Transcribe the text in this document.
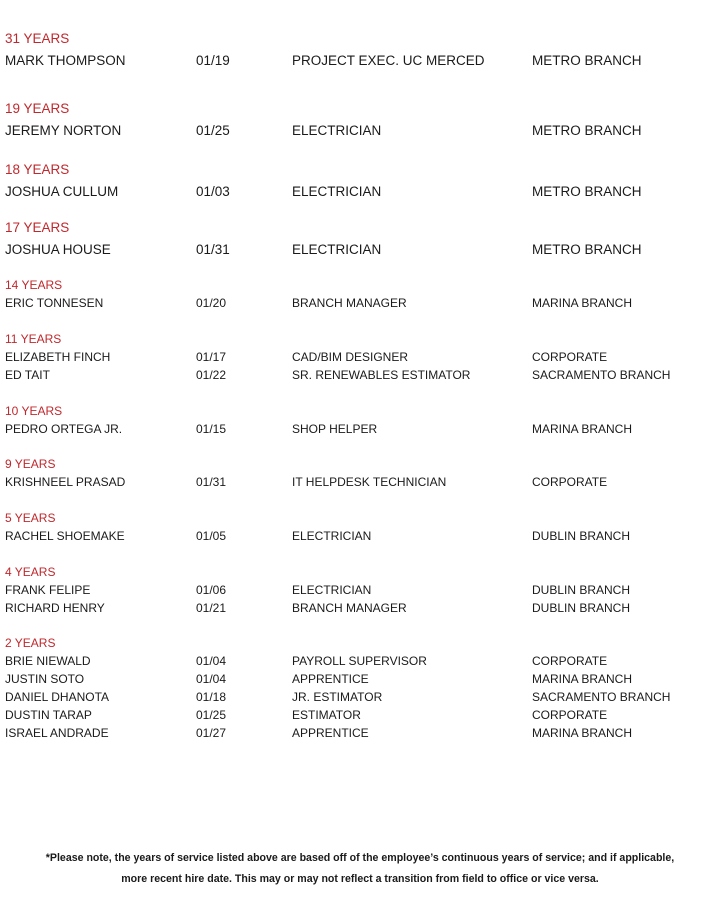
31 YEARS
MARK THOMPSON	01/19	PROJECT EXEC. UC MERCED	METRO BRANCH
19 YEARS
JEREMY NORTON	01/25	ELECTRICIAN	METRO BRANCH
18 YEARS
JOSHUA CULLUM	01/03	ELECTRICIAN	METRO BRANCH
17 YEARS
JOSHUA HOUSE	01/31	ELECTRICIAN	METRO BRANCH
14 YEARS
ERIC TONNESEN	01/20	BRANCH MANAGER	MARINA BRANCH
11 YEARS
ELIZABETH FINCH	01/17	CAD/BIM DESIGNER	CORPORATE
ED TAIT	01/22	SR. RENEWABLES ESTIMATOR	SACRAMENTO BRANCH
10 YEARS
PEDRO ORTEGA JR.	01/15	SHOP HELPER	MARINA BRANCH
9 YEARS
KRISHNEEL PRASAD	01/31	IT HELPDESK TECHNICIAN	CORPORATE
5 YEARS
RACHEL SHOEMAKE	01/05	ELECTRICIAN	DUBLIN BRANCH
4 YEARS
FRANK FELIPE	01/06	ELECTRICIAN	DUBLIN BRANCH
RICHARD HENRY	01/21	BRANCH MANAGER	DUBLIN BRANCH
2 YEARS
BRIE NIEWALD	01/04	PAYROLL SUPERVISOR	CORPORATE
JUSTIN SOTO	01/04	APPRENTICE	MARINA BRANCH
DANIEL DHANOTA	01/18	JR. ESTIMATOR	SACRAMENTO BRANCH
DUSTIN TARAP	01/25	ESTIMATOR	CORPORATE
ISRAEL ANDRADE	01/27	APPRENTICE	MARINA BRANCH
*Please note, the years of service listed above are based off of the employee’s continuous years of service; and if applicable,
more recent hire date. This may or may not reflect a transition from field to office or vice versa.
